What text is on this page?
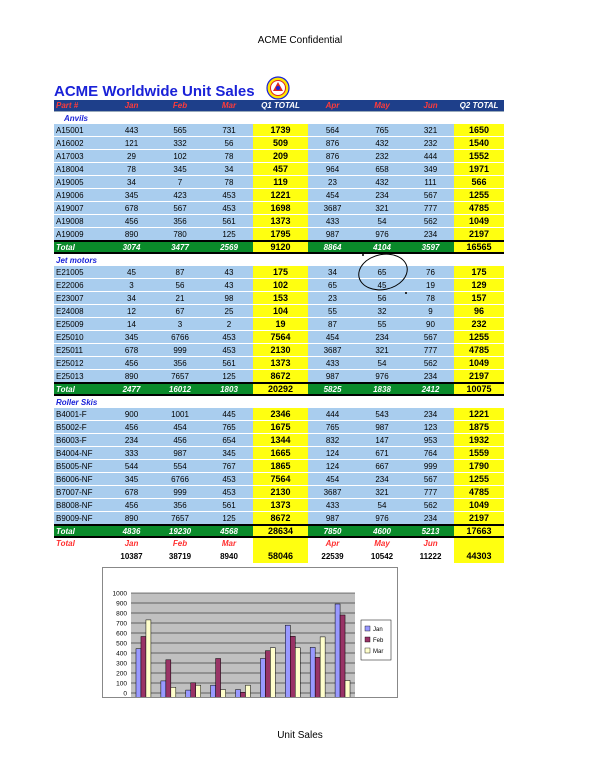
ACME Confidential
ACME Worldwide Unit Sales
Part #	Jan	Feb	Mar	Q1 TOTAL	Apr	May	Jun	Q2 TOTAL
Anvils								
A15001	443	565	731	1739	564	765	321	1650
A16002	121	332	56	509	876	432	232	1540
A17003	29	102	78	209	876	232	444	1552
A18004	78	345	34	457	964	658	349	1971
A19005	34	7	78	119	23	432	111	566
A19006	345	423	453	1221	454	234	567	1255
A19007	678	567	453	1698	3687	321	777	4785
A19008	456	356	561	1373	433	54	562	1049
A19009	890	780	125	1795	987	976	234	2197
Total	3074	3477	2569	9120	8864	4104	3597	16565
Jet motors								
E21005	45	87	43	175	34	65	76	175
E22006	3	56	43	102	65	45	19	129
E23007	34	21	98	153	23	56	78	157
E24008	12	67	25	104	55	32	9	96
E25009	14	3	2	19	87	55	90	232
E25010	345	6766	453	7564	454	234	567	1255
E25011	678	999	453	2130	3687	321	777	4785
E25012	456	356	561	1373	433	54	562	1049
E25013	890	7657	125	8672	987	976	234	2197
Total	2477	16012	1803	20292	5825	1838	2412	10075
Roller Skis								
B4001-F	900	1001	445	2346	444	543	234	1221
B5002-F	456	454	765	1675	765	987	123	1875
B6003-F	234	456	654	1344	832	147	953	1932
B4004-NF	333	987	345	1665	124	671	764	1559
B5005-NF	544	554	767	1865	124	667	999	1790
B6006-NF	345	6766	453	7564	454	234	567	1255
B7007-NF	678	999	453	2130	3687	321	777	4785
B8008-NF	456	356	561	1373	433	54	562	1049
B9009-NF	890	7657	125	8672	987	976	234	2197
Total	4836	19230	4568	28634	7850	4600	5213	17663
Total	Jan	Feb	Mar		Apr	May	Jun	
	10387	38719	8940	58046	22539	10542	11222	44303
0
100
200
300
400
500
600
700
800
900
1000
Jan
Feb
Mar
Unit Sales
